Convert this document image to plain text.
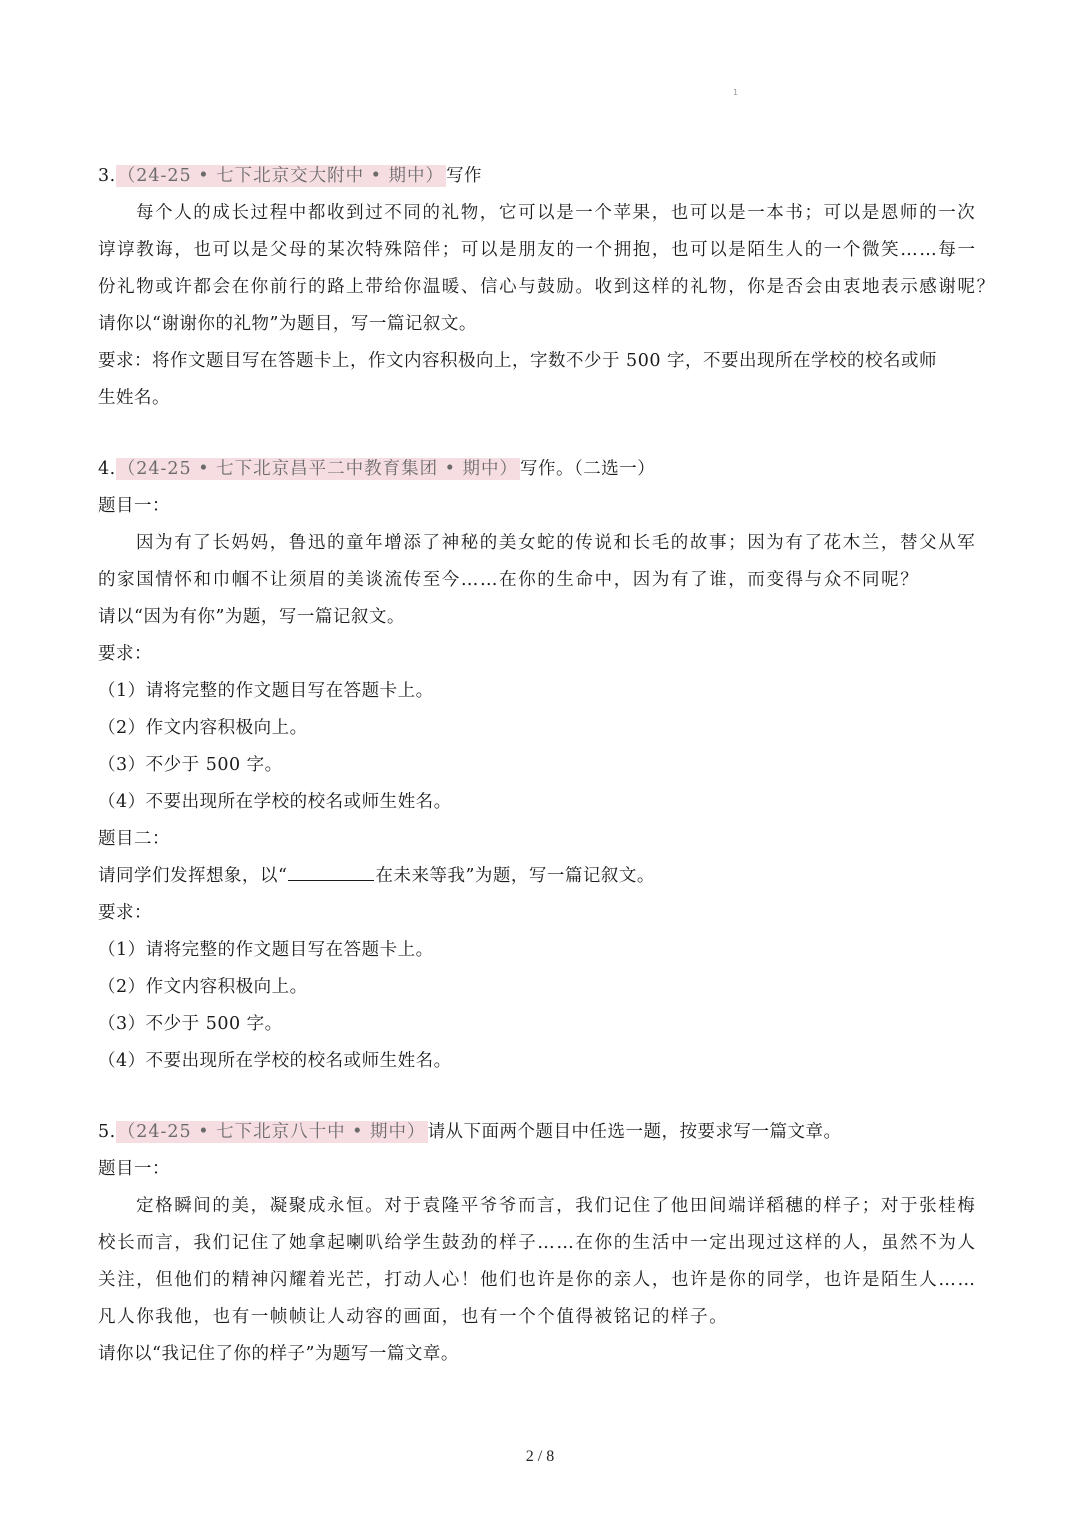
1
3. （24-25 • 七下北京交大附中 • 期中） 写作
每个人的成长过程中都收到过不同的礼物，它可以是一个苹果，也可以是一本书；可以是恩师的一次
谆谆教诲，也可以是父母的某次特殊陪伴；可以是朋友的一个拥抱，也可以是陌生人的一个微笑……每一
份礼物或许都会在你前行的路上带给你温暖、信心与鼓励。收到这样的礼物，你是否会由衷地表示感谢呢？
请你以“谢谢你的礼物”为题目，写一篇记叙文。
要求：将作文题目写在答题卡上，作文内容积极向上，字数不少于 500 字，不要出现所在学校的校名或师
生姓名。
4. （24-25 • 七下北京昌平二中教育集团 • 期中） 写作。（二选一）
题目一：
因为有了长妈妈，鲁迅的童年增添了神秘的美女蛇的传说和长毛的故事；因为有了花木兰，替父从军
的家国情怀和巾帼不让须眉的美谈流传至今……在你的生命中，因为有了谁，而变得与众不同呢？
请以“因为有你”为题，写一篇记叙文。
要求：
（1）请将完整的作文题目写在答题卡上。
（2）作文内容积极向上。
（3）不少于 500 字。
（4）不要出现所在学校的校名或师生姓名。
题目二：
请同学们发挥想象，以“	在未来等我”为题，写一篇记叙文。
要求：
（1）请将完整的作文题目写在答题卡上。
（2）作文内容积极向上。
（3）不少于 500 字。
（4）不要出现所在学校的校名或师生姓名。
5. （24-25 • 七下北京八十中 • 期中） 请从下面两个题目中任选一题，按要求写一篇文章。
题目一：
定格瞬间的美，凝聚成永恒。对于袁隆平爷爷而言，我们记住了他田间端详稻穗的样子；对于张桂梅
校长而言，我们记住了她拿起喇叭给学生鼓劲的样子……在你的生活中一定出现过这样的人，虽然不为人
关注，但他们的精神闪耀着光芒，打动人心！他们也许是你的亲人，也许是你的同学，也许是陌生人……
凡人你我他，也有一帧帧让人动容的画面，也有一个个值得被铭记的样子。
请你以“我记住了你的样子”为题写一篇文章。
2 / 8
